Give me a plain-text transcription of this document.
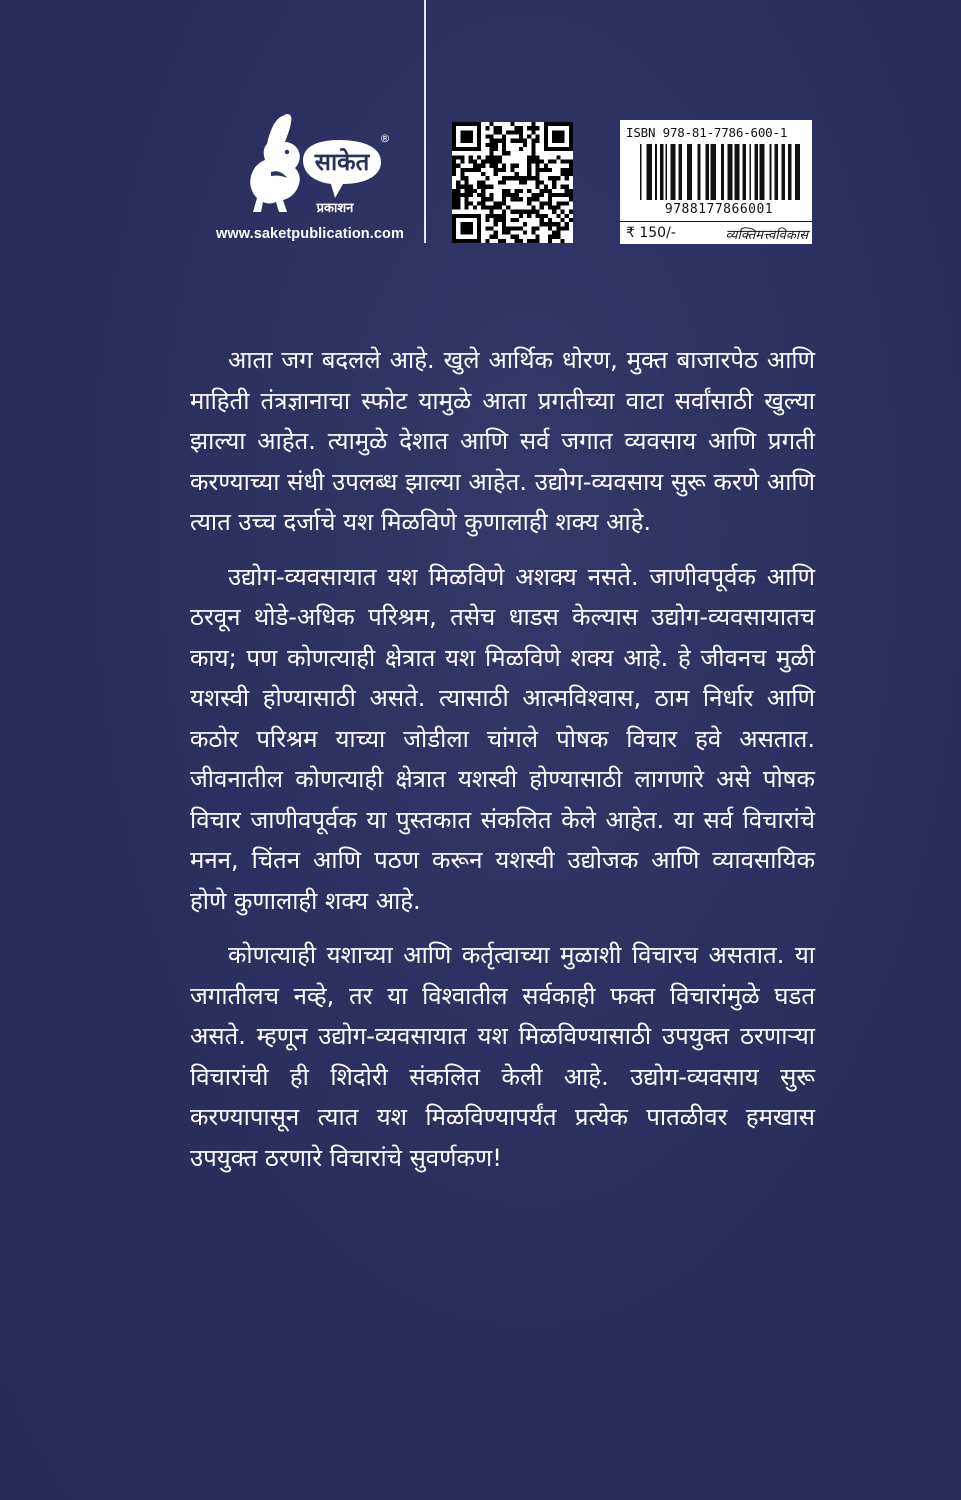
साकेत
प्रकाशन
®
www.saketpublication.com
ISBN 978-81-7786-600-1
9788177866001
₹ 150/-	व्यक्तिमत्त्वविकास

आता जग बदलले आहे. खुले आर्थिक धोरण, मुक्त बाजारपेठ आणि माहिती तंत्रज्ञानाचा स्फोट यामुळे आता प्रगतीच्या वाटा सर्वांसाठी खुल्या झाल्या आहेत. त्यामुळे देशात आणि सर्व जगात व्यवसाय आणि प्रगती करण्याच्या संधी उपलब्ध झाल्या आहेत. उद्योग-व्यवसाय सुरू करणे आणि त्यात उच्च दर्जाचे यश मिळविणे कुणालाही शक्य आहे.

उद्योग-व्यवसायात यश मिळविणे अशक्य नसते. जाणीवपूर्वक आणि ठरवून थोडे-अधिक परिश्रम, तसेच धाडस केल्यास उद्योग-व्यवसायातच काय; पण कोणत्याही क्षेत्रात यश मिळविणे शक्य आहे. हे जीवनच मुळी यशस्वी होण्यासाठी असते. त्यासाठी आत्मविश्वास, ठाम निर्धार आणि कठोर परिश्रम याच्या जोडीला चांगले पोषक विचार हवे असतात. जीवनातील कोणत्याही क्षेत्रात यशस्वी होण्यासाठी लागणारे असे पोषक विचार जाणीवपूर्वक या पुस्तकात संकलित केले आहेत. या सर्व विचारांचे मनन, चिंतन आणि पठण करून यशस्वी उद्योजक आणि व्यावसायिक होणे कुणालाही शक्य आहे.

कोणत्याही यशाच्या आणि कर्तृत्वाच्या मुळाशी विचारच असतात. या जगातीलच नव्हे, तर या विश्वातील सर्वकाही फक्त विचारांमुळे घडत असते. म्हणून उद्योग-व्यवसायात यश मिळविण्यासाठी उपयुक्त ठरणाऱ्या विचारांची ही शिदोरी संकलित केली आहे. उद्योग-व्यवसाय सुरू करण्यापासून त्यात यश मिळविण्यापर्यंत प्रत्येक पातळीवर हमखास उपयुक्त ठरणारे विचारांचे सुवर्णकण!
